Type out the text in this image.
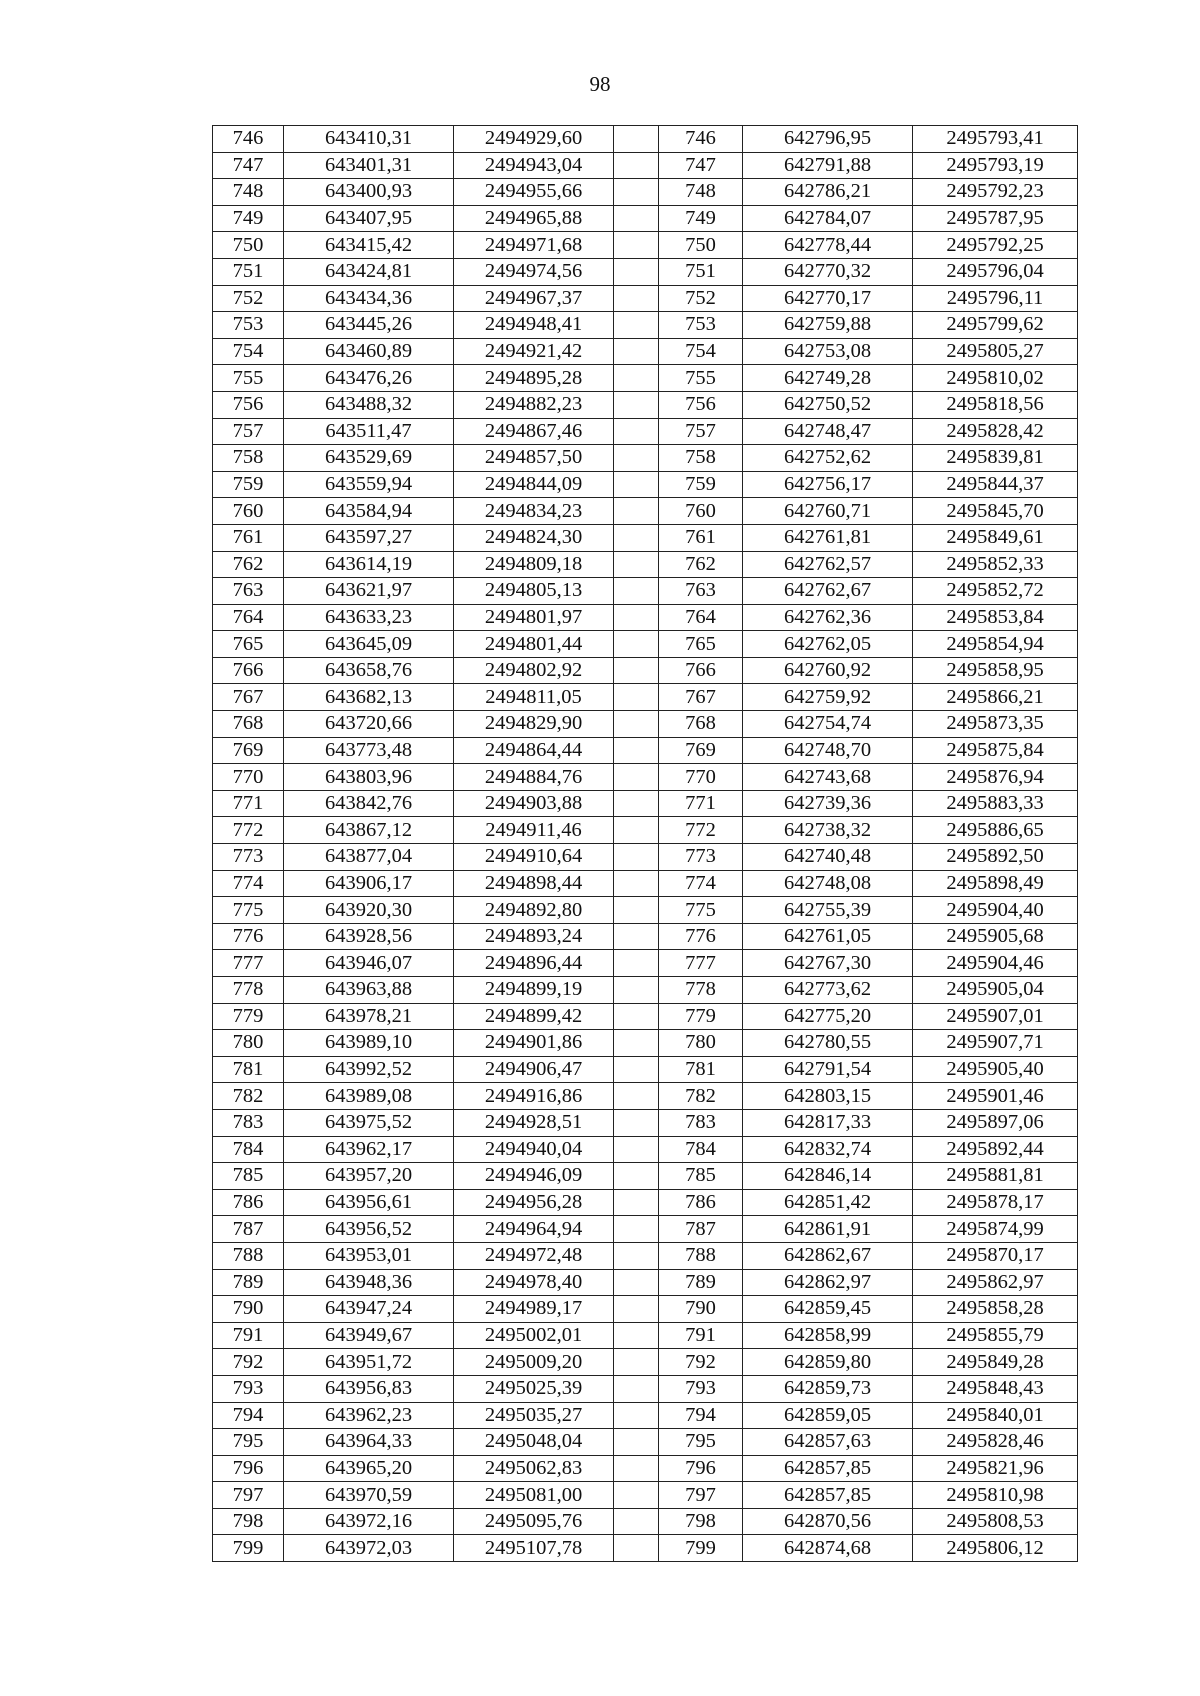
98
746	643410,31	2494929,60		746	642796,95	2495793,41
747	643401,31	2494943,04		747	642791,88	2495793,19
748	643400,93	2494955,66		748	642786,21	2495792,23
749	643407,95	2494965,88		749	642784,07	2495787,95
750	643415,42	2494971,68		750	642778,44	2495792,25
751	643424,81	2494974,56		751	642770,32	2495796,04
752	643434,36	2494967,37		752	642770,17	2495796,11
753	643445,26	2494948,41		753	642759,88	2495799,62
754	643460,89	2494921,42		754	642753,08	2495805,27
755	643476,26	2494895,28		755	642749,28	2495810,02
756	643488,32	2494882,23		756	642750,52	2495818,56
757	643511,47	2494867,46		757	642748,47	2495828,42
758	643529,69	2494857,50		758	642752,62	2495839,81
759	643559,94	2494844,09		759	642756,17	2495844,37
760	643584,94	2494834,23		760	642760,71	2495845,70
761	643597,27	2494824,30		761	642761,81	2495849,61
762	643614,19	2494809,18		762	642762,57	2495852,33
763	643621,97	2494805,13		763	642762,67	2495852,72
764	643633,23	2494801,97		764	642762,36	2495853,84
765	643645,09	2494801,44		765	642762,05	2495854,94
766	643658,76	2494802,92		766	642760,92	2495858,95
767	643682,13	2494811,05		767	642759,92	2495866,21
768	643720,66	2494829,90		768	642754,74	2495873,35
769	643773,48	2494864,44		769	642748,70	2495875,84
770	643803,96	2494884,76		770	642743,68	2495876,94
771	643842,76	2494903,88		771	642739,36	2495883,33
772	643867,12	2494911,46		772	642738,32	2495886,65
773	643877,04	2494910,64		773	642740,48	2495892,50
774	643906,17	2494898,44		774	642748,08	2495898,49
775	643920,30	2494892,80		775	642755,39	2495904,40
776	643928,56	2494893,24		776	642761,05	2495905,68
777	643946,07	2494896,44		777	642767,30	2495904,46
778	643963,88	2494899,19		778	642773,62	2495905,04
779	643978,21	2494899,42		779	642775,20	2495907,01
780	643989,10	2494901,86		780	642780,55	2495907,71
781	643992,52	2494906,47		781	642791,54	2495905,40
782	643989,08	2494916,86		782	642803,15	2495901,46
783	643975,52	2494928,51		783	642817,33	2495897,06
784	643962,17	2494940,04		784	642832,74	2495892,44
785	643957,20	2494946,09		785	642846,14	2495881,81
786	643956,61	2494956,28		786	642851,42	2495878,17
787	643956,52	2494964,94		787	642861,91	2495874,99
788	643953,01	2494972,48		788	642862,67	2495870,17
789	643948,36	2494978,40		789	642862,97	2495862,97
790	643947,24	2494989,17		790	642859,45	2495858,28
791	643949,67	2495002,01		791	642858,99	2495855,79
792	643951,72	2495009,20		792	642859,80	2495849,28
793	643956,83	2495025,39		793	642859,73	2495848,43
794	643962,23	2495035,27		794	642859,05	2495840,01
795	643964,33	2495048,04		795	642857,63	2495828,46
796	643965,20	2495062,83		796	642857,85	2495821,96
797	643970,59	2495081,00		797	642857,85	2495810,98
798	643972,16	2495095,76		798	642870,56	2495808,53
799	643972,03	2495107,78		799	642874,68	2495806,12
